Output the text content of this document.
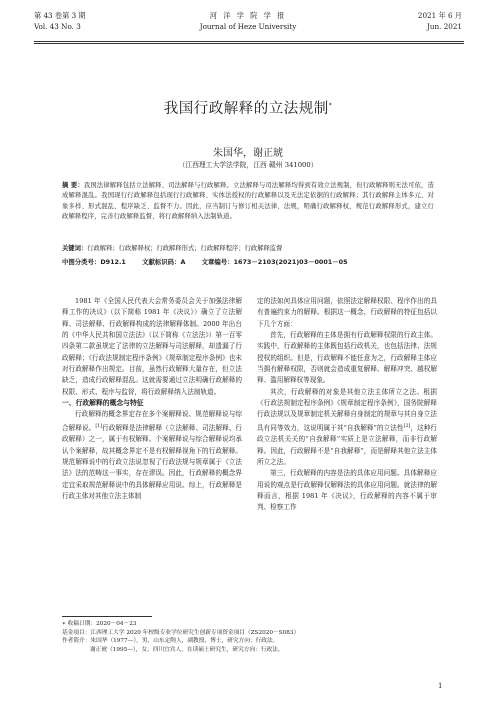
第 43 卷第 3 期
Vol. 43 No. 3
河 洋 学 院 学 报
Journal of Heze University
2021 年 6 月
Jun. 2021
我国行政解释的立法规制*
朱国华，谢正琥
（江西理工大学法学院，江西 赣州 341000）
摘 要：我国法律解释包括立法解释、司法解释与行政解释。立法解释与司法解释均得到有效立法规制，但行政解释则无法可依，造成解释混乱。我国现行行政解释包括现行行政解释、实体法授权的行政解释以及无法定依据的行政解释；其行政解释主体多元、对象多样、形式混乱、程序缺乏、监督不力。因此，应当制订与修订相关法律、法规，明确行政解释权，规范行政解释形式，建立行政解释程序，完善行政解释监督，将行政解释纳入法制轨道。
关键词：行政解释；行政解释权；行政解释形式；行政解释程序；行政解释监督
中图分类号：D912.1	文献标识码：A	文章编号：1673－2103(2021)03－0001－05

1981 年《全国人民代表大会常务委员会关于加强法律解释工作的决议》（以下简称 1981 年《决议》）确立了立法解释、司法解释、行政解释构成的法律解释体制。2000 年出台的《中华人民共和国立法法》（以下简称《立法法》）第一百零四条第二款虽规定了法律的立法解释与司法解释，却遗漏了行政解释；《行政法规制定程序条例》《规章制定程序条例》也未对行政解释作出规定。目前，虽然行政解释大量存在，但立法缺乏，造成行政解释混乱。这就需要通过立法明确行政解释的权限、形式、程序与监督，将行政解释纳入法制轨道。

一、行政解释的概念与特征

行政解释的概念界定存在多个案解释说、规范解释说与综合解释说。[1]行政解释是法律解释（立法解释、司法解释、行政解释）之一，属于有权解释。个案解释说与综合解释说均承认个案解释，故其概念界定不是有权解释视角下的行政解释。规范解释说中的行政立法说忽视了行政法规与规章属于《立法法》法的范畴这一事实，存在谬误。因此，行政解释的概念界定宜采取规范解释说中的具体解释应用说。综上，行政解释是行政主体对其他立法主体制

定的法如何具体应用问题，依照法定解释权限、程序作出的具有普遍约束力的解释。根据这一概念，行政解释的特征包括以下几个方面：

首先，行政解释的主体是拥有行政解释权限的行政主体。实践中，行政解释的主体既包括行政机关，也包括法律、法规授权的组织。但是，行政解释不能任意为之，行政解释主体应当拥有解释权限，否则就会造成重复解释、解释冲突、越权解释、滥用解释权等现象。

其次，行政解释的对象是其他立法主体所立之法。根据《行政法规制定程序条例》《规章制定程序条例》，国务院解释行政法规以及规章制定机关解释自身制定的规章与其自身立法具有同等效力，这说明属于其“自我解释”的立法性[2]，这种行政立法机关关的“自我解释”实质上是立法解释，而非行政解释。因此，行政解释不是“自我解释”，而是解释其他立法主体所立之法。

第三，行政解释的内容是法的具体应用问题。具体解释应用说的观点是行政解释仅解释法的具体应用问题。就法律的解释而言，根据 1981 年《决议》，行政解释的内容不属于审判、检察工作

∗ 收稿日期：2020－04－23
基金项目：江西理工大学 2020 年校级专业学位研究生创新专项资金项目（ZS2020－S083）
作者简介：朱国华（1977—），男，山东定陶人，副教授，博士，研究方向：行政法。
谢正琥（1995—），女，四川宜宾人，在读硕士研究生，研究方向：行政法。
1
